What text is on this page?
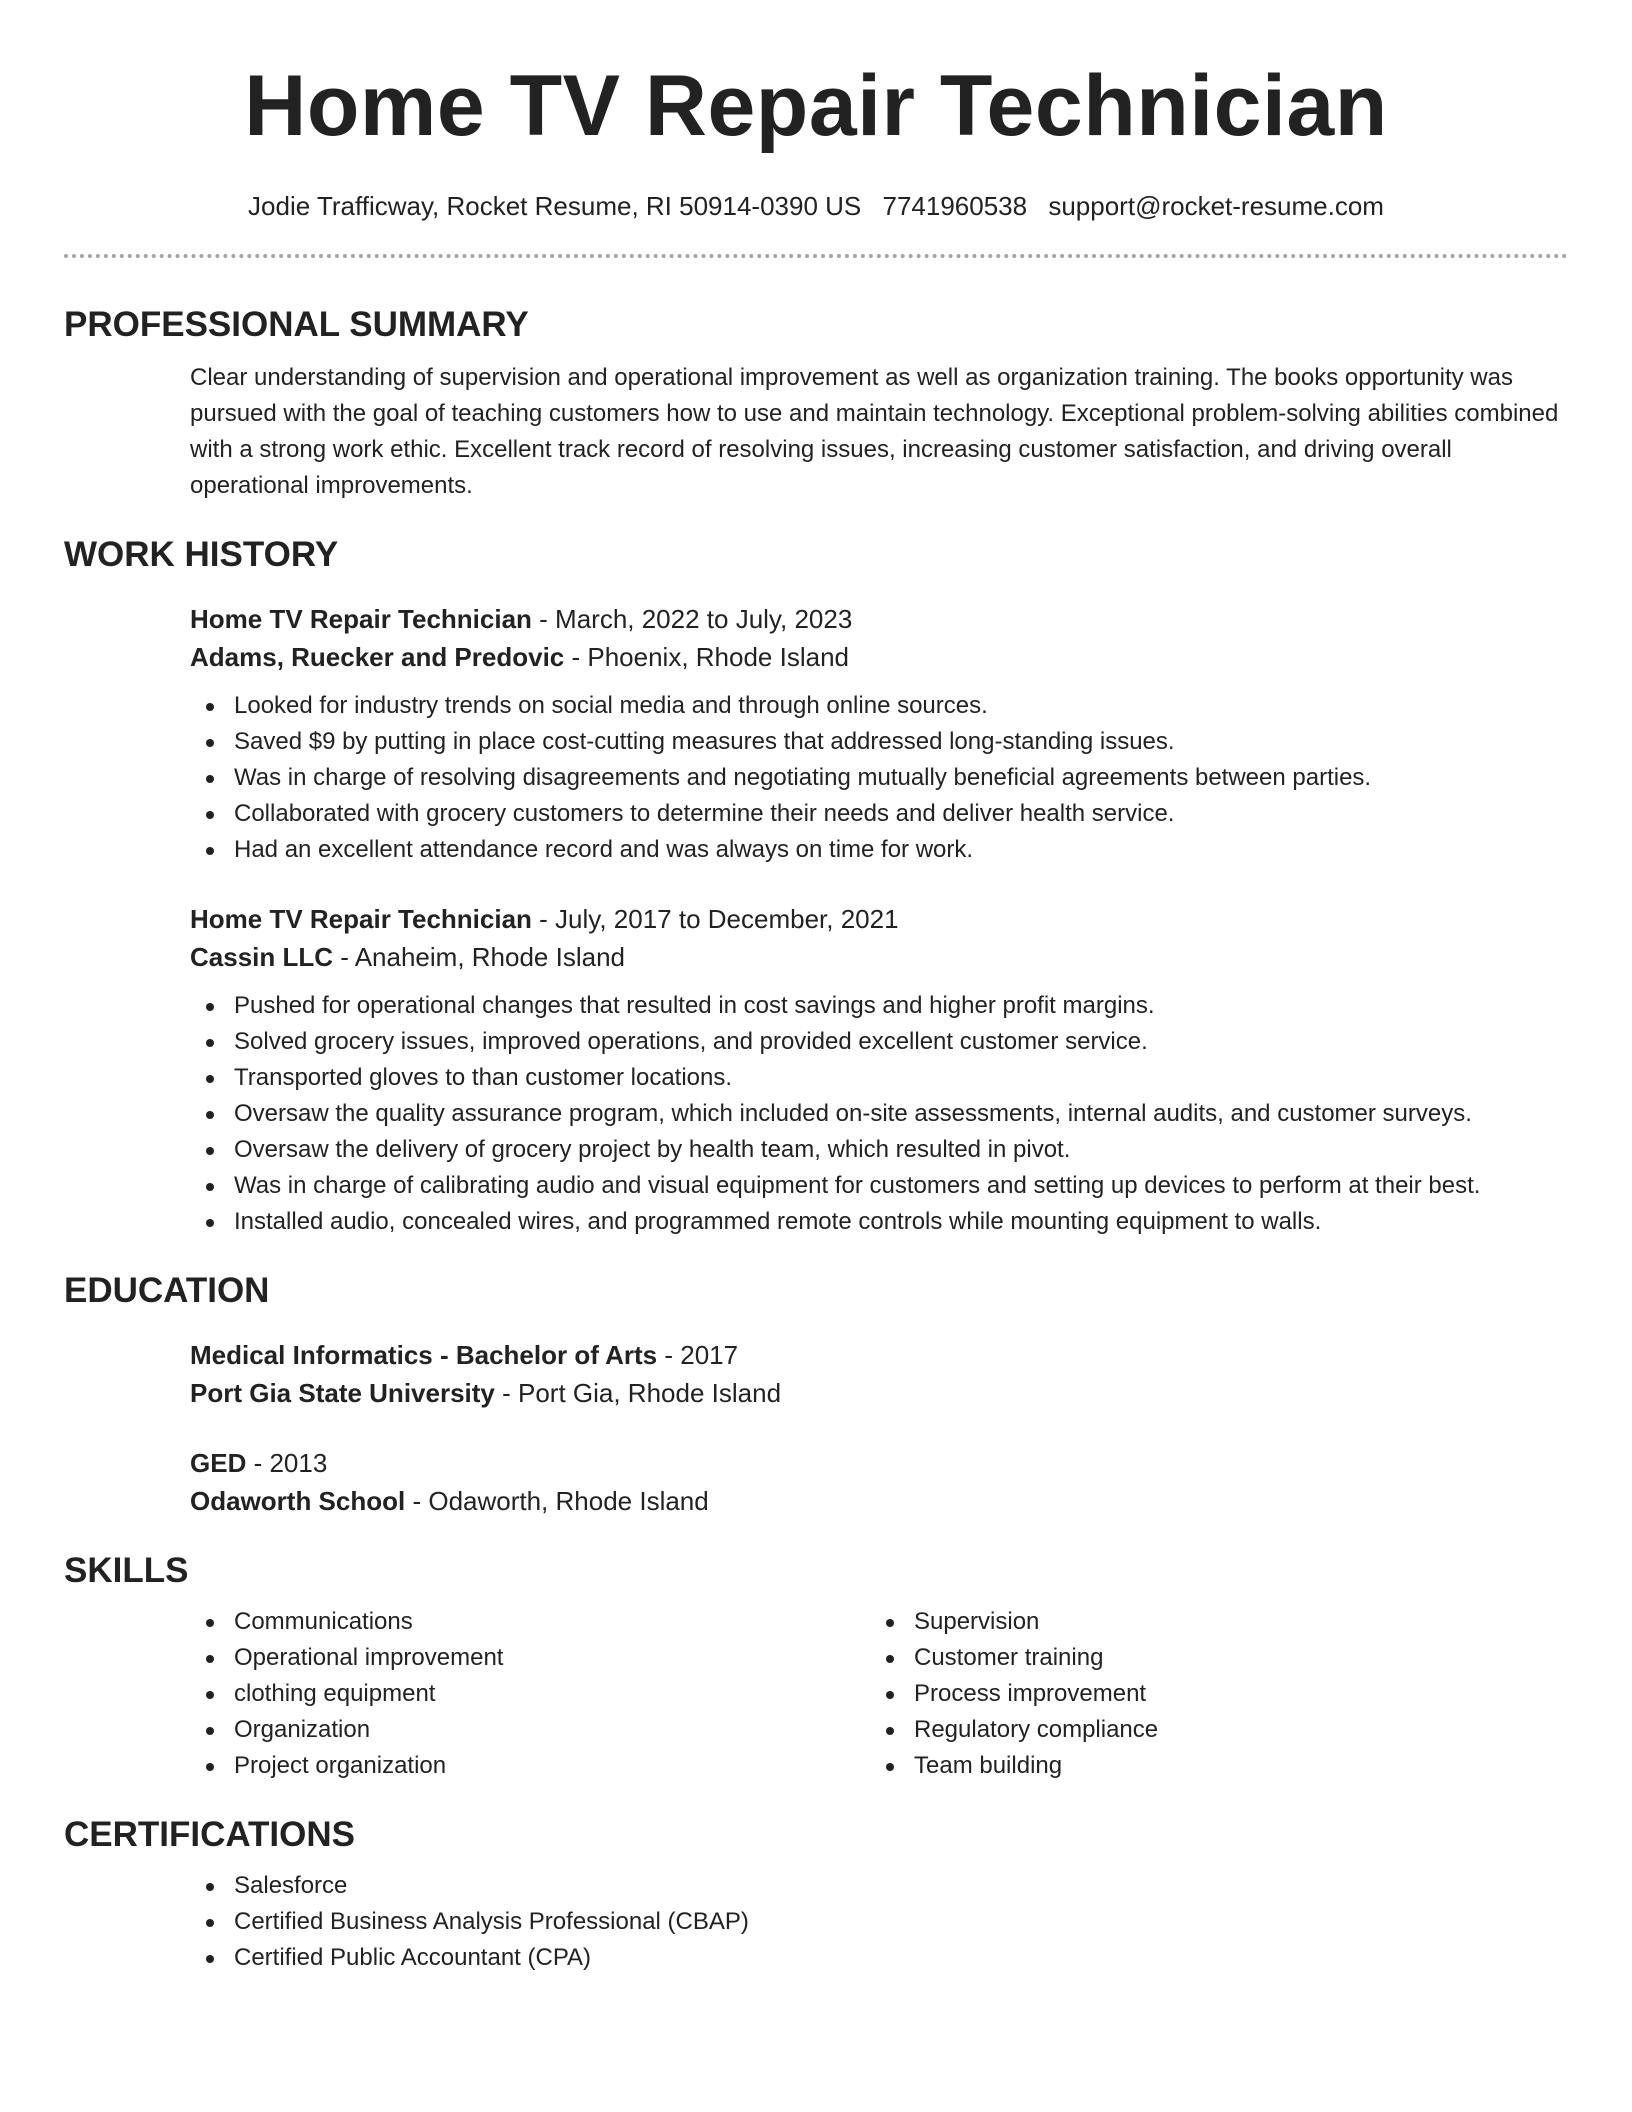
Home TV Repair Technician
Jodie Trafficway, Rocket Resume, RI 50914-0390 US 7741960538 support@rocket-resume.com
PROFESSIONAL SUMMARY

Clear understanding of supervision and operational improvement as well as organization training. The books opportunity was pursued with the goal of teaching customers how to use and maintain technology. Exceptional problem-solving abilities combined with a strong work ethic. Excellent track record of resolving issues, increasing customer satisfaction, and driving overall operational improvements.

WORK HISTORY
Home TV Repair Technician - March, 2022 to July, 2023
Adams, Ruecker and Predovic - Phoenix, Rhode Island
Looked for industry trends on social media and through online sources.
Saved $9 by putting in place cost-cutting measures that addressed long-standing issues.
Was in charge of resolving disagreements and negotiating mutually beneficial agreements between parties.
Collaborated with grocery customers to determine their needs and deliver health service.
Had an excellent attendance record and was always on time for work.
Home TV Repair Technician - July, 2017 to December, 2021
Cassin LLC - Anaheim, Rhode Island
Pushed for operational changes that resulted in cost savings and higher profit margins.
Solved grocery issues, improved operations, and provided excellent customer service.
Transported gloves to than customer locations.
Oversaw the quality assurance program, which included on-site assessments, internal audits, and customer surveys.
Oversaw the delivery of grocery project by health team, which resulted in pivot.
Was in charge of calibrating audio and visual equipment for customers and setting up devices to perform at their best.
Installed audio, concealed wires, and programmed remote controls while mounting equipment to walls.
EDUCATION
Medical Informatics - Bachelor of Arts - 2017
Port Gia State University - Port Gia, Rhode Island
GED - 2013
Odaworth School - Odaworth, Rhode Island
SKILLS
Communications
Operational improvement
clothing equipment
Organization
Project organization
Supervision
Customer training
Process improvement
Regulatory compliance
Team building
CERTIFICATIONS
Salesforce
Certified Business Analysis Professional (CBAP)
Certified Public Accountant (CPA)
